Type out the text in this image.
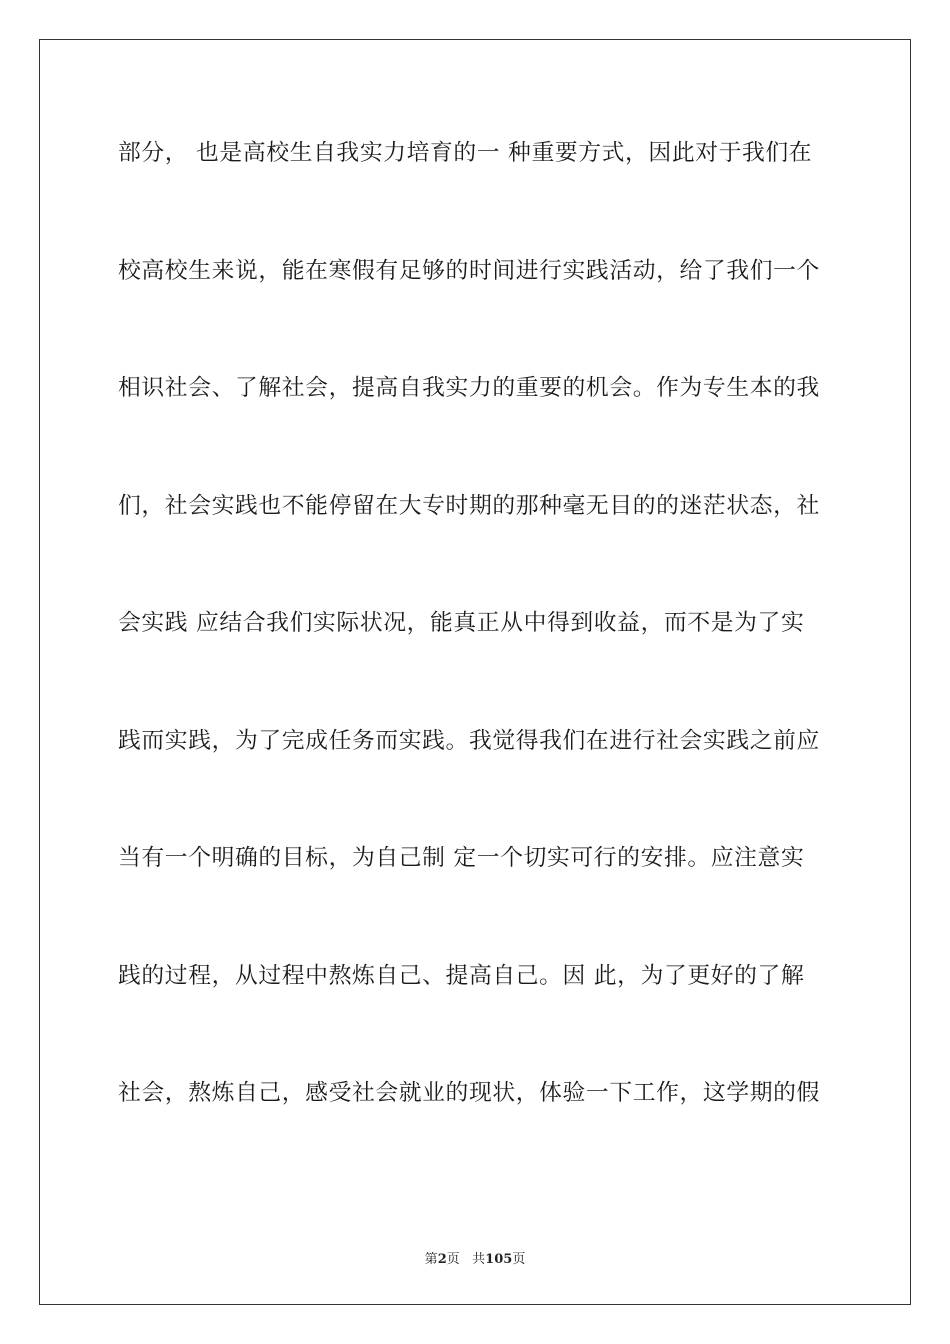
部分， 也是高校生自我实力培育的一 种重要方式，因此对于我们在
校高校生来说，能在寒假有足够的时间进行实践活动，给了我们一个
相识社会、了解社会，提高自我实力的重要的机会。作为专生本的我
们，社会实践也不能停留在大专时期的那种毫无目的的迷茫状态，社
会实践 应结合我们实际状况，能真正从中得到收益，而不是为了实
践而实践，为了完成任务而实践。我觉得我们在进行社会实践之前应
当有一个明确的目标，为自己制 定一个切实可行的安排。应注意实
践的过程，从过程中熬炼自己、提高自己。因 此，为了更好的了解
社会，熬炼自己，感受社会就业的现状，体验一下工作，这学期的假
第2页 共105页
